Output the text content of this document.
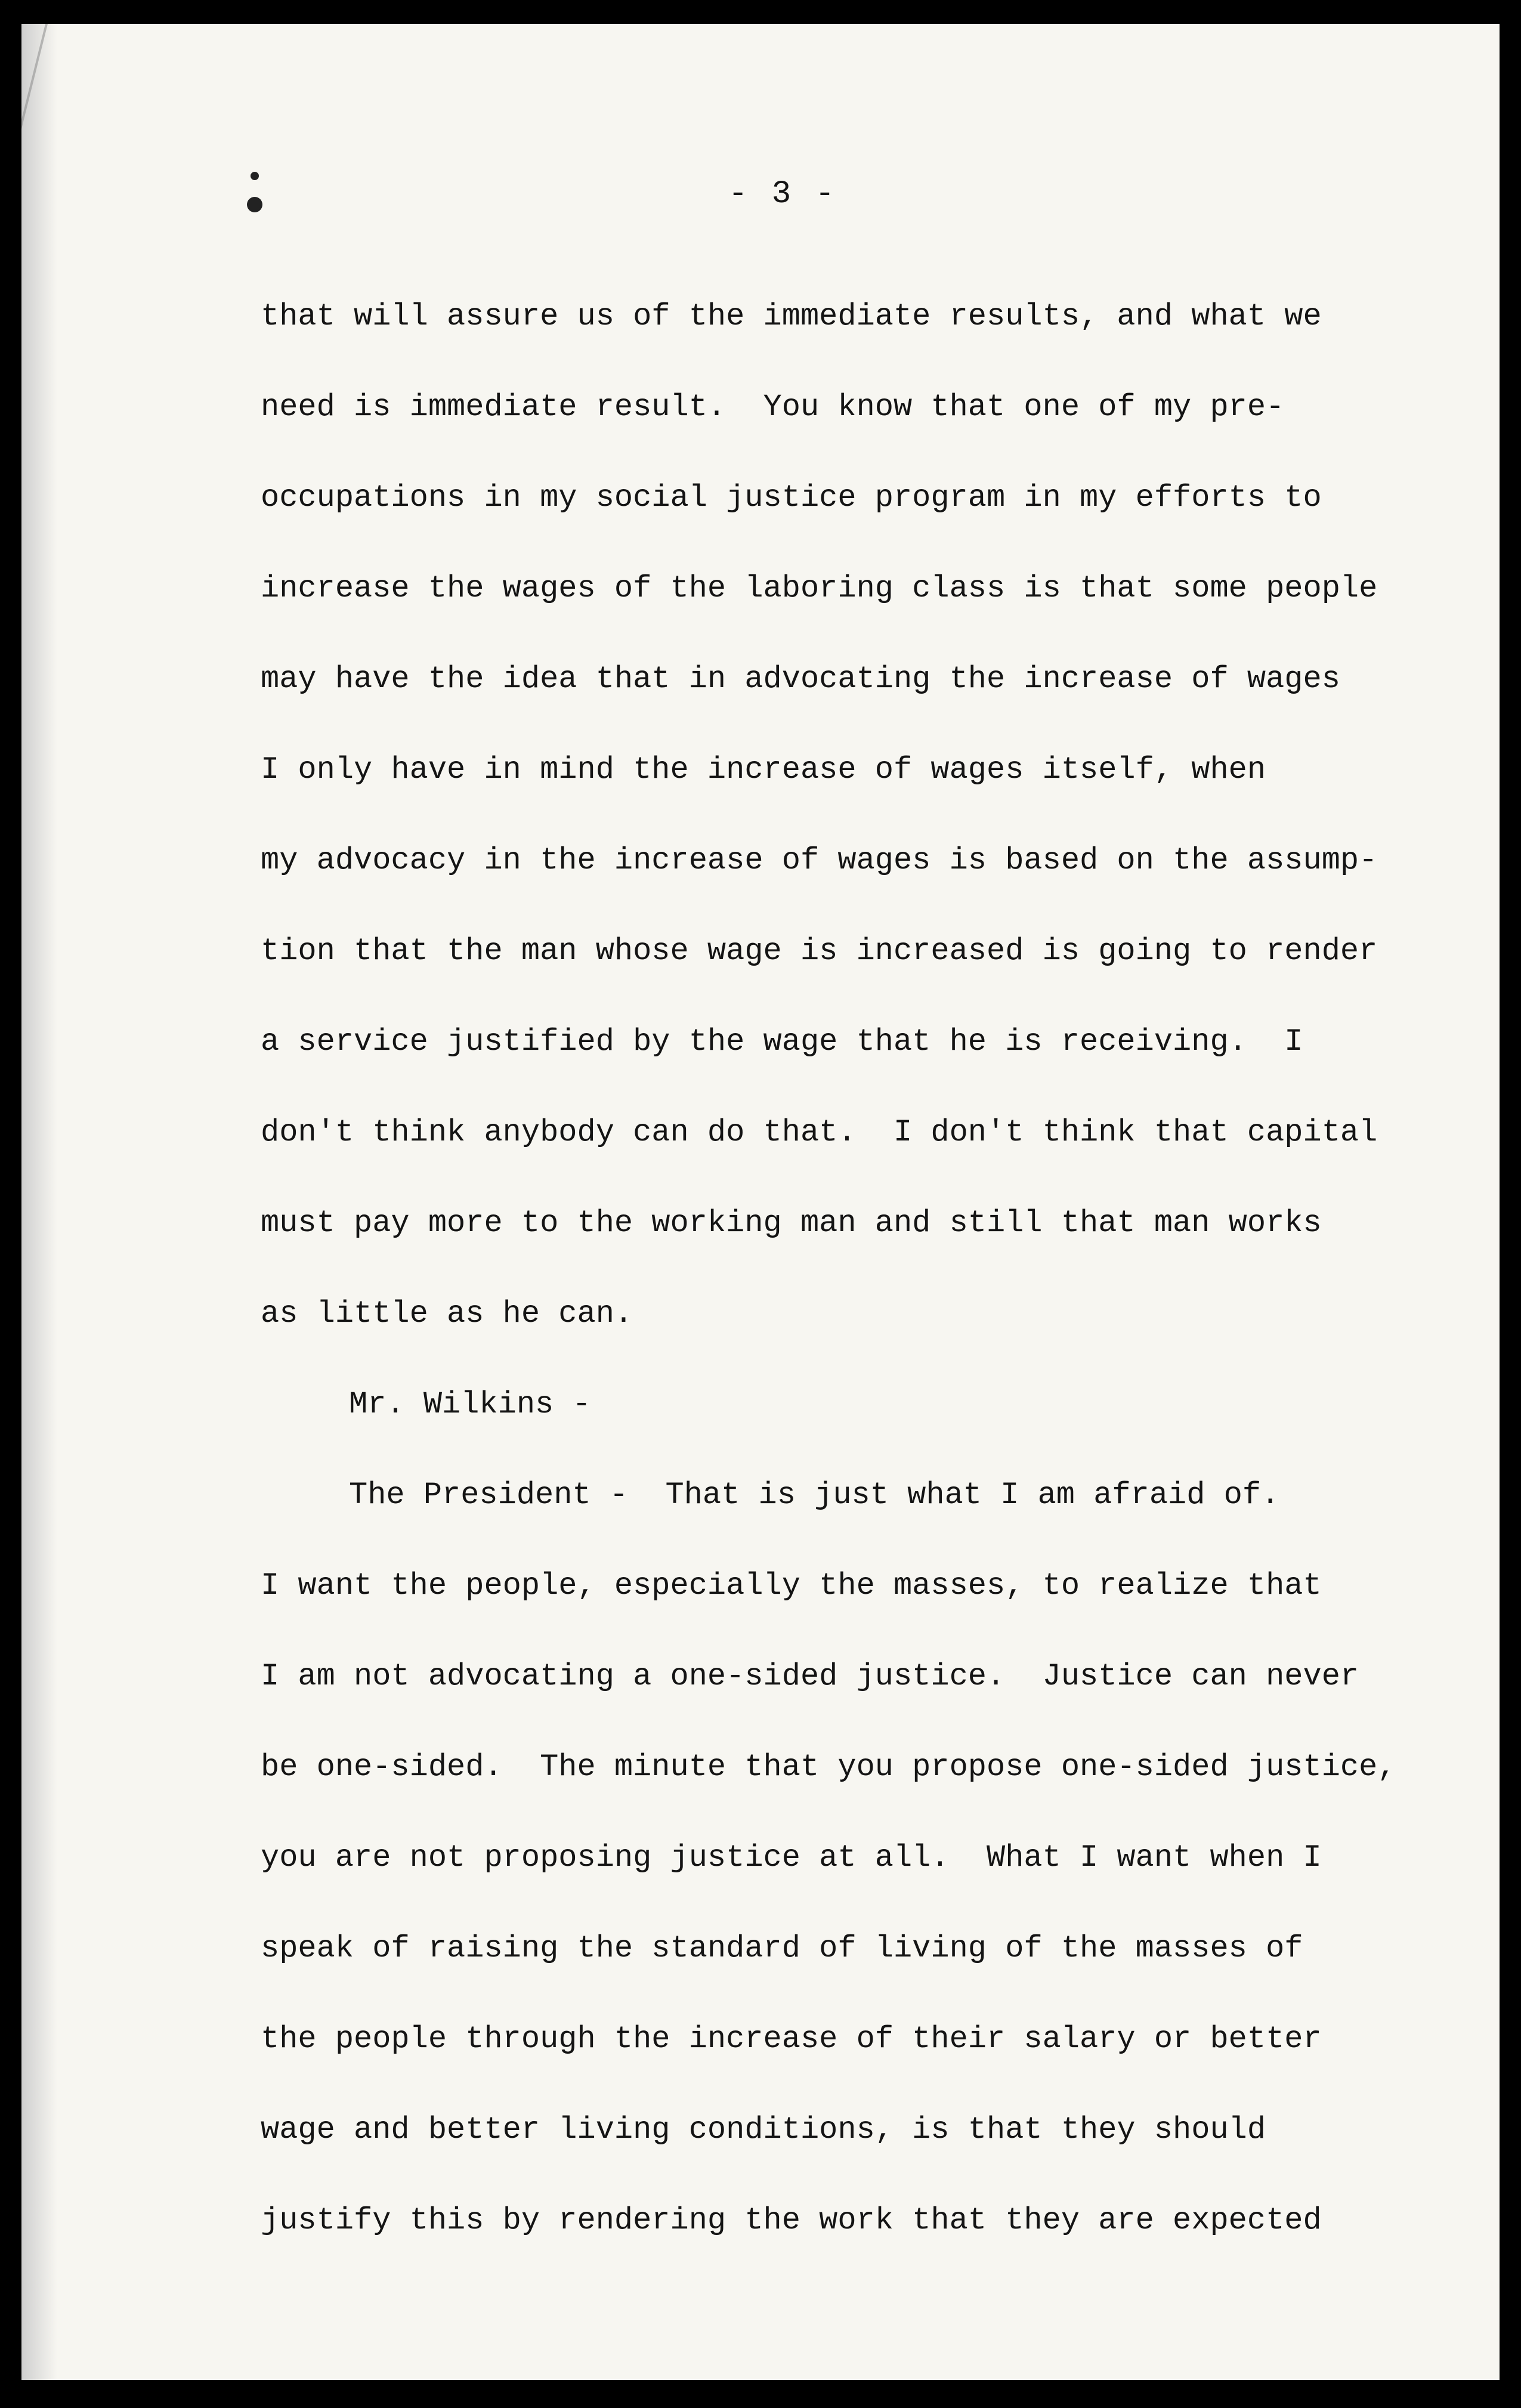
- 3 -
that will assure us of the immediate results, and what we
need is immediate result.  You know that one of my pre-
occupations in my social justice program in my efforts to
increase the wages of the laboring class is that some people
may have the idea that in advocating the increase of wages
I only have in mind the increase of wages itself, when
my advocacy in the increase of wages is based on the assump-
tion that the man whose wage is increased is going to render
a service justified by the wage that he is receiving.  I
don't think anybody can do that.  I don't think that capital
must pay more to the working man and still that man works
as little as he can.
Mr. Wilkins -
The President -  That is just what I am afraid of.
I want the people, especially the masses, to realize that
I am not advocating a one-sided justice.  Justice can never
be one-sided.  The minute that you propose one-sided justice,
you are not proposing justice at all.  What I want when I
speak of raising the standard of living of the masses of
the people through the increase of their salary or better
wage and better living conditions, is that they should
justify this by rendering the work that they are expected
